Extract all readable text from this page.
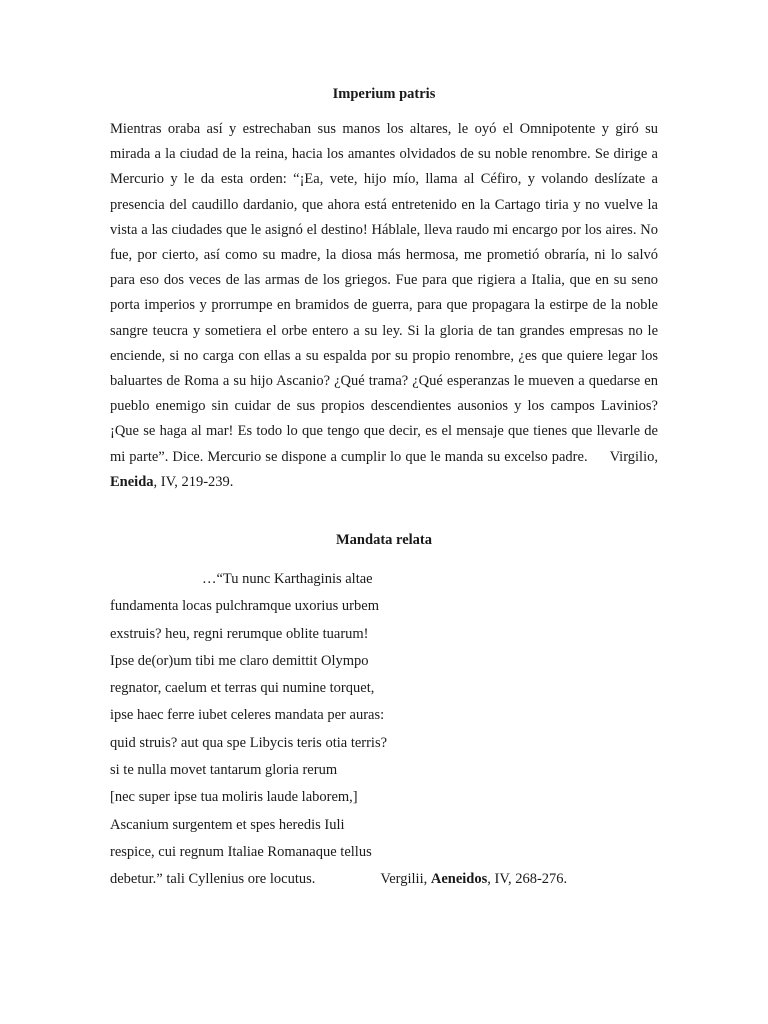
Imperium patris

Mientras oraba así y estrechaban sus manos los altares, le oyó el Omnipotente y giró su mirada a la ciudad de la reina, hacia los amantes olvidados de su noble renombre. Se dirige a Mercurio y le da esta orden: “¡Ea, vete, hijo mío, llama al Céfiro, y volando deslízate a presencia del caudillo dardanio, que ahora está entretenido en la Cartago tiria y no vuelve la vista a las ciudades que le asignó el destino! Háblale, lleva raudo mi encargo por los aires. No fue, por cierto, así como su madre, la diosa más hermosa, me prometió obraría, ni lo salvó para eso dos veces de las armas de los griegos. Fue para que rigiera a Italia, que en su seno porta imperios y prorrumpe en bramidos de guerra, para que propagara la estirpe de la noble sangre teucra y sometiera el orbe entero a su ley. Si la gloria de tan grandes empresas no le enciende, si no carga con ellas a su espalda por su propio renombre, ¿es que quiere legar los baluartes de Roma a su hijo Ascanio? ¿Qué trama? ¿Qué esperanzas le mueven a quedarse en pueblo enemigo sin cuidar de sus propios descendientes ausonios y los campos Lavinios? ¡Que se haga al mar! Es todo lo que tengo que decir, es el mensaje que tienes que llevarle de mi parte”. Dice. Mercurio se dispone a cumplir lo que le manda su excelso padre. Virgilio, Eneida, IV, 219-239.

Mandata relata
…“Tu nunc Karthaginis altae
fundamenta locas pulchramque uxorius urbem
exstruis? heu, regni rerumque oblite tuarum!
Ipse de(or)um tibi me claro demittit Olympo
regnator, caelum et terras qui numine torquet,
ipse haec ferre iubet celeres mandata per auras:
quid struis? aut qua spe Libycis teris otia terris?
si te nulla movet tantarum gloria rerum
[nec super ipse tua moliris laude laborem,]
Ascanium surgentem et spes heredis Iuli
respice, cui regnum Italiae Romanaque tellus
debetur.” tali Cyllenius ore locutus.	Vergilii, Aeneidos, IV, 268-276.
